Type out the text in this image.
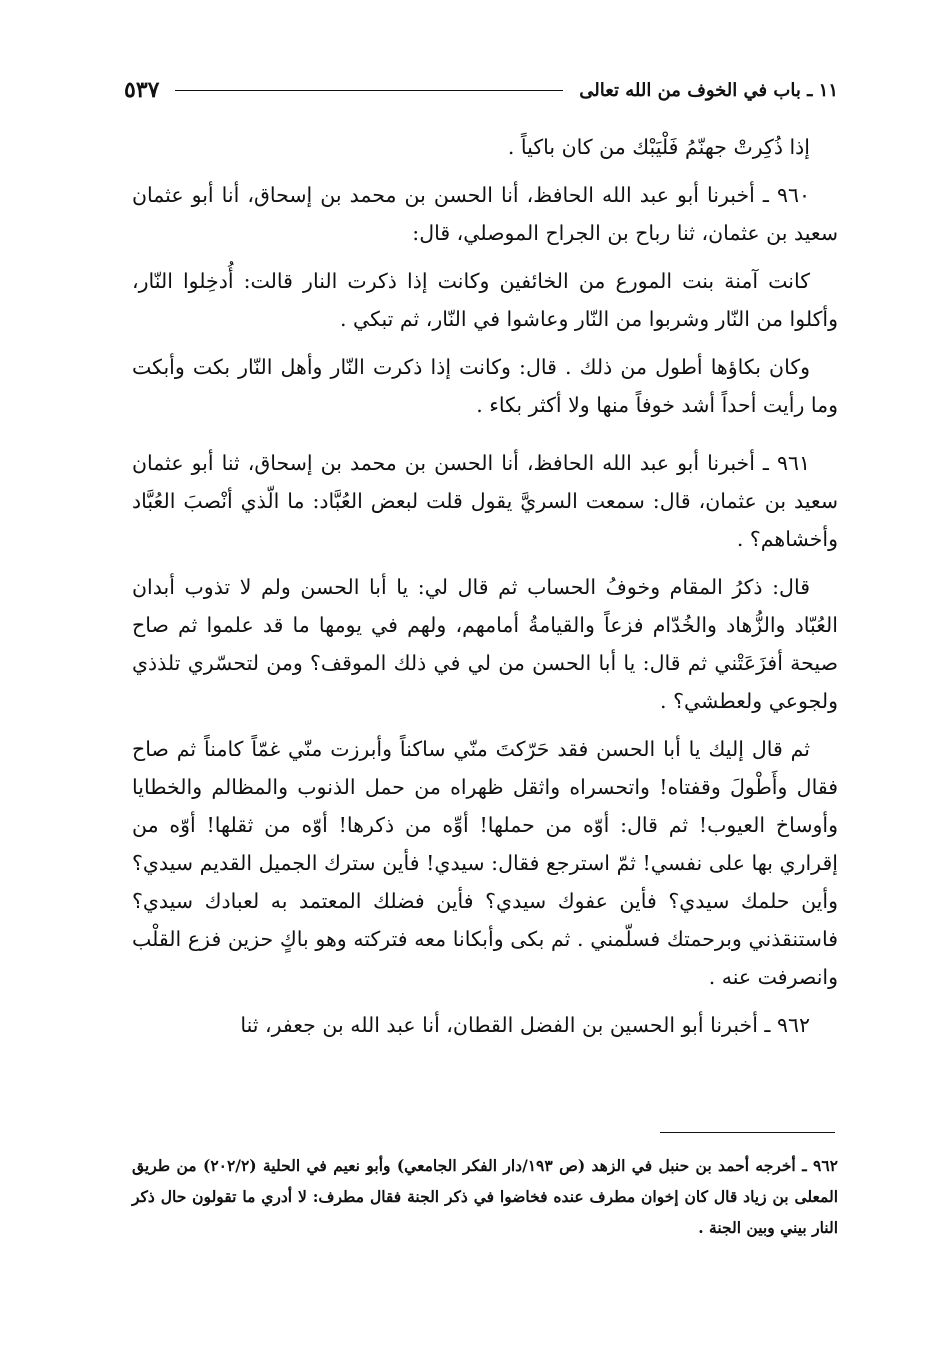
١١ ـ باب في الخوف من الله تعالى
٥٣٧

إذا ذُكِرتْ جهنّمُ فَلْيَبْك من كان باكياً .

٩٦٠ ـ أخبرنا أبو عبد الله الحافظ، أنا الحسن بن محمد بن إسحاق، أنا أبو عثمان سعيد بن عثمان، ثنا رباح بن الجراح الموصلي، قال:

كانت آمنة بنت المورع من الخائفين وكانت إذا ذكرت النار قالت: أُدخِلوا النّار، وأكلوا من النّار وشربوا من النّار وعاشوا في النّار، ثم تبكي .

وكان بكاؤها أطول من ذلك . قال: وكانت إذا ذكرت النّار وأهل النّار بكت وأبكت وما رأيت أحداً أشد خوفاً منها ولا أكثر بكاء .

٩٦١ ـ أخبرنا أبو عبد الله الحافظ، أنا الحسن بن محمد بن إسحاق، ثنا أبو عثمان سعيد بن عثمان، قال: سمعت السريَّ يقول قلت لبعض العُبَّاد: ما الّذي أنْصبَ العُبَّاد وأخشاهم؟ .

قال: ذكرُ المقام وخوفُ الحساب ثم قال لي: يا أبا الحسن ولم لا تذوب أبدان العُبّاد والزُّهاد والخُدّام فزعاً والقيامةُ أمامهم، ولهم في يومها ما قد علموا ثم صاح صيحة أفزَعَتْني ثم قال: يا أبا الحسن من لي في ذلك الموقف؟ ومن لتحسّري تلذذي ولجوعي ولعطشي؟ .

ثم قال إليك يا أبا الحسن فقد حَرّكتَ منّي ساكناً وأبرزت منّي غمّاً كامناً ثم صاح فقال وأَطْولَ وقفتاه! واتحسراه واثقل ظهراه من حمل الذنوب والمظالم والخطايا وأوساخ العيوب! ثم قال: أوّه من حملها! أوِّه من ذكرها! أوّه من ثقلها! أوّه من إقراري بها على نفسي! ثمّ استرجع فقال: سيدي! فأين سترك الجميل القديم سيدي؟ وأين حلمك سيدي؟ فأين عفوك سيدي؟ فأين فضلك المعتمد به لعبادك سيدي؟ فاستنقذني وبرحمتك فسلّمني . ثم بكى وأبكانا معه فتركته وهو باكٍ حزين فزع القلْب وانصرفت عنه .

٩٦٢ ـ أخبرنا أبو الحسين بن الفضل القطان، أنا عبد الله بن جعفر، ثنا

٩٦٢ ـ أخرجه أحمد بن حنبل في الزهد (ص ١٩٣/دار الفكر الجامعي) وأبو نعيم في الحلية (٢٠٢/٢) من طريق المعلى بن زياد قال كان إخوان مطرف عنده فخاضوا في ذكر الجنة فقال مطرف: لا أدري ما تقولون حال ذكر النار بيني وبين الجنة .
